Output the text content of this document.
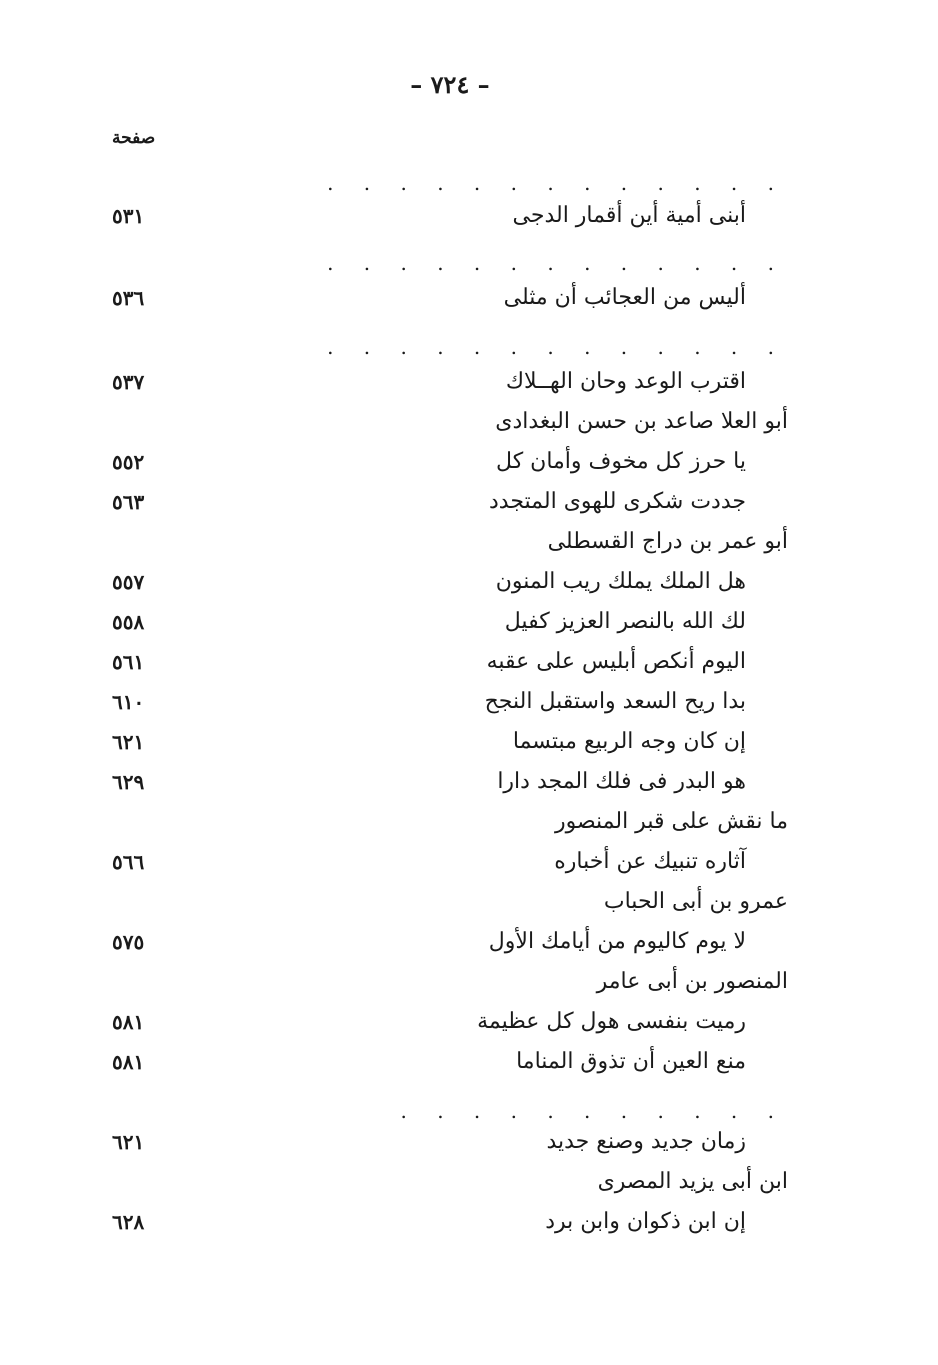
– ٧٢٤ –
صفحة
. . . . . . . . . . . . .
أبنى أمية أين أقمار الدجى
٥٣١
. . . . . . . . . . . . .
أليس من العجائب أن مثلى
٥٣٦
. . . . . . . . . . . . .
اقترب الوعد وحان الهــلاك
٥٣٧
أبو العلا صاعد بن حسن البغدادى
يا حرز كل مخوف وأمان كل
٥٥٢
جددت شكرى للهوى المتجدد
٥٦٣
أبو عمر بن دراج القسطلى
هل الملك يملك ريب المنون
٥٥٧
لك الله بالنصر العزيز كفيل
٥٥٨
اليوم أنكص أبليس على عقبه
٥٦١
بدا ريح السعد واستقبل النجح
٦١٠
إن كان وجه الربيع مبتسما
٦٢١
هو البدر فى فلك المجد دارا
٦٢٩
ما نقش على قبر المنصور
آثاره تنبيك عن أخباره
٥٦٦
عمرو بن أبى الحباب
لا يوم كاليوم من أيامك الأول
٥٧٥
المنصور بن أبى عامر
رميت بنفسى هول كل عظيمة
٥٨١
منع العين أن تذوق المناما
٥٨١
. . . . . . . . . . .
زمان جديد وصنع جديد
٦٢١
ابن أبى يزيد المصرى
إن ابن ذكوان وابن برد
٦٢٨
